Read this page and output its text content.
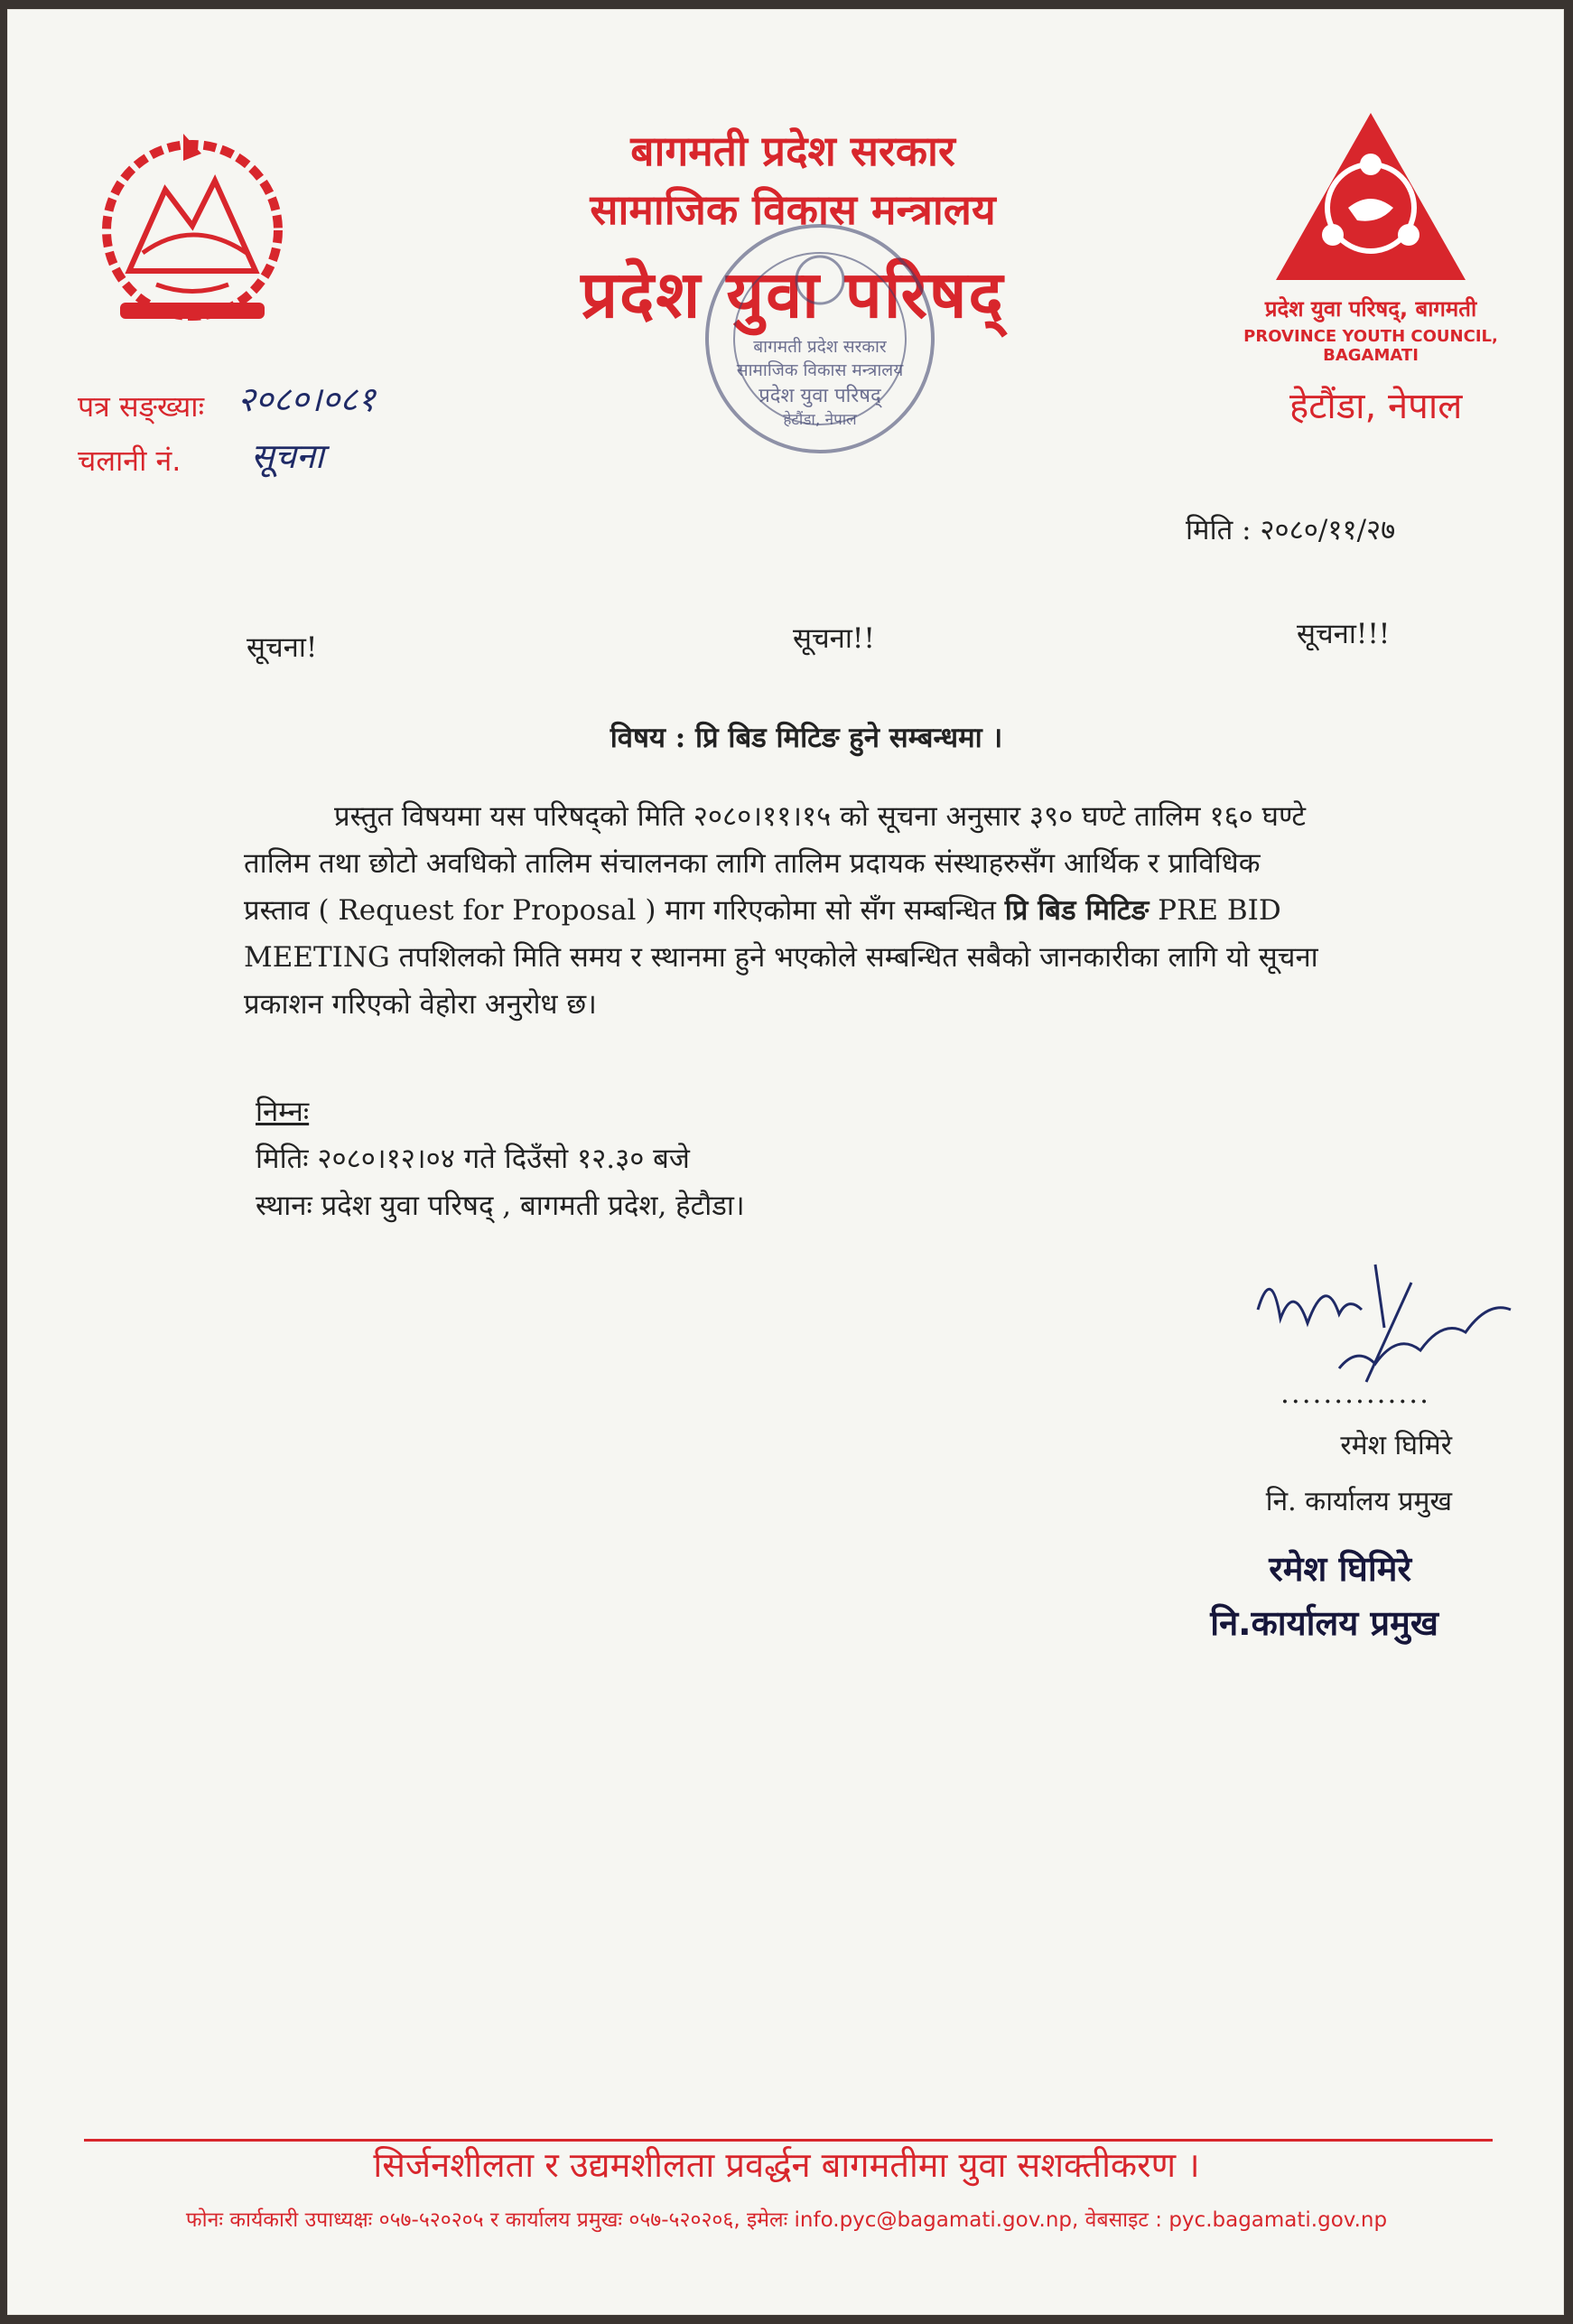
बागमती प्रदेश सरकार
सामाजिक विकास मन्त्रालय
प्रदेश युवा परिषद्
बागमती प्रदेश सरकार
सामाजिक विकास मन्त्रालय
प्रदेश युवा परिषद्
हेटौंडा, नेपाल
प्रदेश युवा परिषद्, बागमती
PROVINCE YOUTH COUNCIL, BAGAMATI
हेटौंडा, नेपाल
पत्र सङ्ख्याः २०८०।०८१
चलानी नं. सूचना
मिति : २०८०/११/२७
सूचना!	सूचना!!	सूचना!!!
विषय : प्रि बिड मिटिङ हुने सम्बन्धमा ।
प्रस्तुत विषयमा यस परिषद्को मिति २०८०।११।१५ को सूचना अनुसार ३९० घण्टे तालिम १६० घण्टे
तालिम तथा छोटो अवधिको तालिम संचालनका लागि तालिम प्रदायक संस्थाहरुसँग आर्थिक र प्राविधिक
प्रस्ताव ( Request for Proposal ) माग गरिएकोमा सो सँग सम्बन्धित प्रि बिड मिटिङ PRE BID
MEETING तपशिलको मिति समय र स्थानमा हुने भएकोले सम्बन्धित सबैको जानकारीका लागि यो सूचना
प्रकाशन गरिएको वेहोरा अनुरोध छ।
निम्नः
मितिः २०८०।१२।०४ गते दिउँसो १२.३० बजे
स्थानः प्रदेश युवा परिषद् , बागमती प्रदेश, हेटौडा।
..............
रमेश घिमिरे
नि. कार्यालय प्रमुख
रमेश घिमिरे
नि.कार्यालय प्रमुख
सिर्जनशीलता र उद्यमशीलता प्रवर्द्धन बागमतीमा युवा सशक्तीकरण ।
फोनः कार्यकारी उपाध्यक्षः ०५७-५२०२०५ र कार्यालय प्रमुखः ०५७-५२०२०६, इमेलः info.pyc@bagamati.gov.np, वेबसाइट : pyc.bagamati.gov.np
